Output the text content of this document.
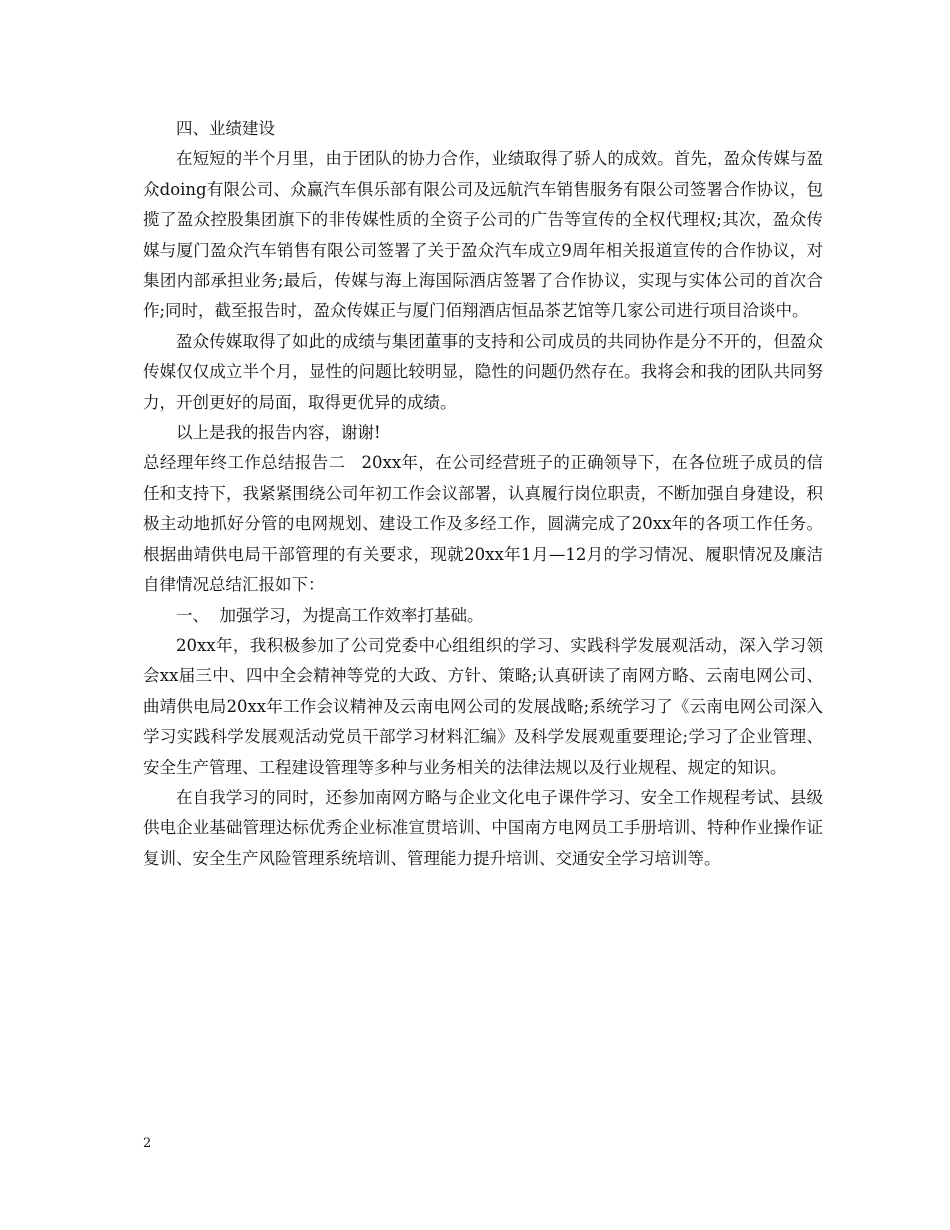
四、业绩建设

在短短的半个月里，由于团队的协力合作，业绩取得了骄人的成效。首先，盈众传媒与盈众doing有限公司、众赢汽车俱乐部有限公司及远航汽车销售服务有限公司签署合作协议，包揽了盈众控股集团旗下的非传媒性质的全资子公司的广告等宣传的全权代理权;其次，盈众传媒与厦门盈众汽车销售有限公司签署了关于盈众汽车成立9周年相关报道宣传的合作协议，对集团内部承担业务;最后，传媒与海上海国际酒店签署了合作协议，实现与实体公司的首次合作;同时，截至报告时，盈众传媒正与厦门佰翔酒店恒品茶艺馆等几家公司进行项目洽谈中。

盈众传媒取得了如此的成绩与集团董事的支持和公司成员的共同协作是分不开的，但盈众传媒仅仅成立半个月，显性的问题比较明显，隐性的问题仍然存在。我将会和我的团队共同努力，开创更好的局面，取得更优异的成绩。

以上是我的报告内容，谢谢!

总经理年终工作总结报告二 20xx年，在公司经营班子的正确领导下，在各位班子成员的信任和支持下，我紧紧围绕公司年初工作会议部署，认真履行岗位职责，不断加强自身建设，积极主动地抓好分管的电网规划、建设工作及多经工作，圆满完成了20xx年的各项工作任务。根据曲靖供电局干部管理的有关要求，现就20xx年1月—12月的学习情况、履职情况及廉洁自律情况总结汇报如下：

一、  加强学习，为提高工作效率打基础。

20xx年，我积极参加了公司党委中心组组织的学习、实践科学发展观活动，深入学习领会xx届三中、四中全会精神等党的大政、方针、策略;认真研读了南网方略、云南电网公司、曲靖供电局20xx年工作会议精神及云南电网公司的发展战略;系统学习了《云南电网公司深入学习实践科学发展观活动党员干部学习材料汇编》及科学发展观重要理论;学习了企业管理、安全生产管理、工程建设管理等多种与业务相关的法律法规以及行业规程、规定的知识。

在自我学习的同时，还参加南网方略与企业文化电子课件学习、安全工作规程考试、县级供电企业基础管理达标优秀企业标准宣贯培训、中国南方电网员工手册培训、特种作业操作证复训、安全生产风险管理系统培训、管理能力提升培训、交通安全学习培训等。

2
